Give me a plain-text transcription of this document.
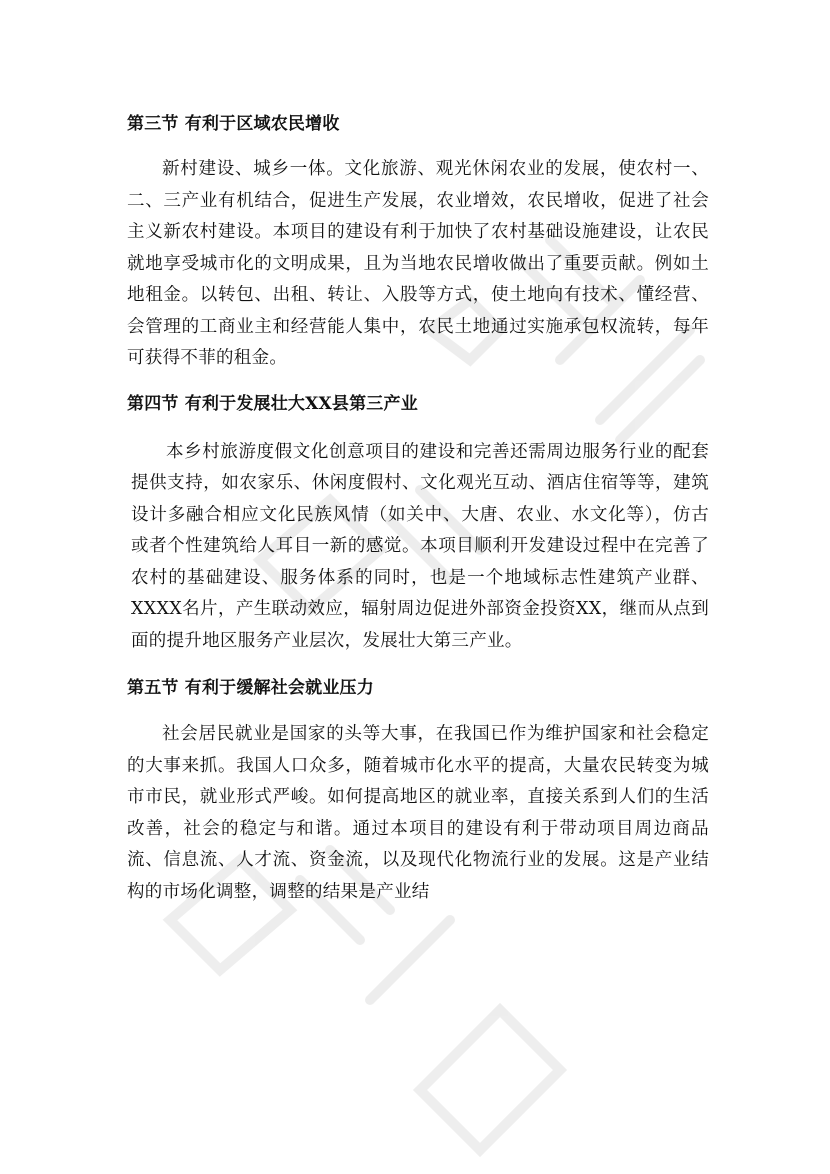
第三节 有利于区域农民增收

新村建设、城乡一体。文化旅游、观光休闲农业的发展，使农村一、二、三产业有机结合，促进生产发展，农业增效，农民增收，促进了社会主义新农村建设。本项目的建设有利于加快了农村基础设施建设，让农民就地享受城市化的文明成果，且为当地农民增收做出了重要贡献。例如土地租金。以转包、出租、转让、入股等方式，使土地向有技术、懂经营、会管理的工商业主和经营能人集中，农民土地通过实施承包权流转，每年可获得不菲的租金。

第四节 有利于发展壮大XX县第三产业

本乡村旅游度假文化创意项目的建设和完善还需周边服务行业的配套提供支持，如农家乐、休闲度假村、文化观光互动、酒店住宿等等，建筑设计多融合相应文化民族风情（如关中、大唐、农业、水文化等），仿古或者个性建筑给人耳目一新的感觉。本项目顺利开发建设过程中在完善了农村的基础建设、服务体系的同时，也是一个地域标志性建筑产业群、XXXX名片，产生联动效应，辐射周边促进外部资金投资XX，继而从点到面的提升地区服务产业层次，发展壮大第三产业。

第五节 有利于缓解社会就业压力

社会居民就业是国家的头等大事，在我国已作为维护国家和社会稳定的大事来抓。我国人口众多，随着城市化水平的提高，大量农民转变为城市市民，就业形式严峻。如何提高地区的就业率，直接关系到人们的生活改善，社会的稳定与和谐。通过本项目的建设有利于带动项目周边商品流、信息流、人才流、资金流，以及现代化物流行业的发展。这是产业结构的市场化调整，调整的结果是产业结
